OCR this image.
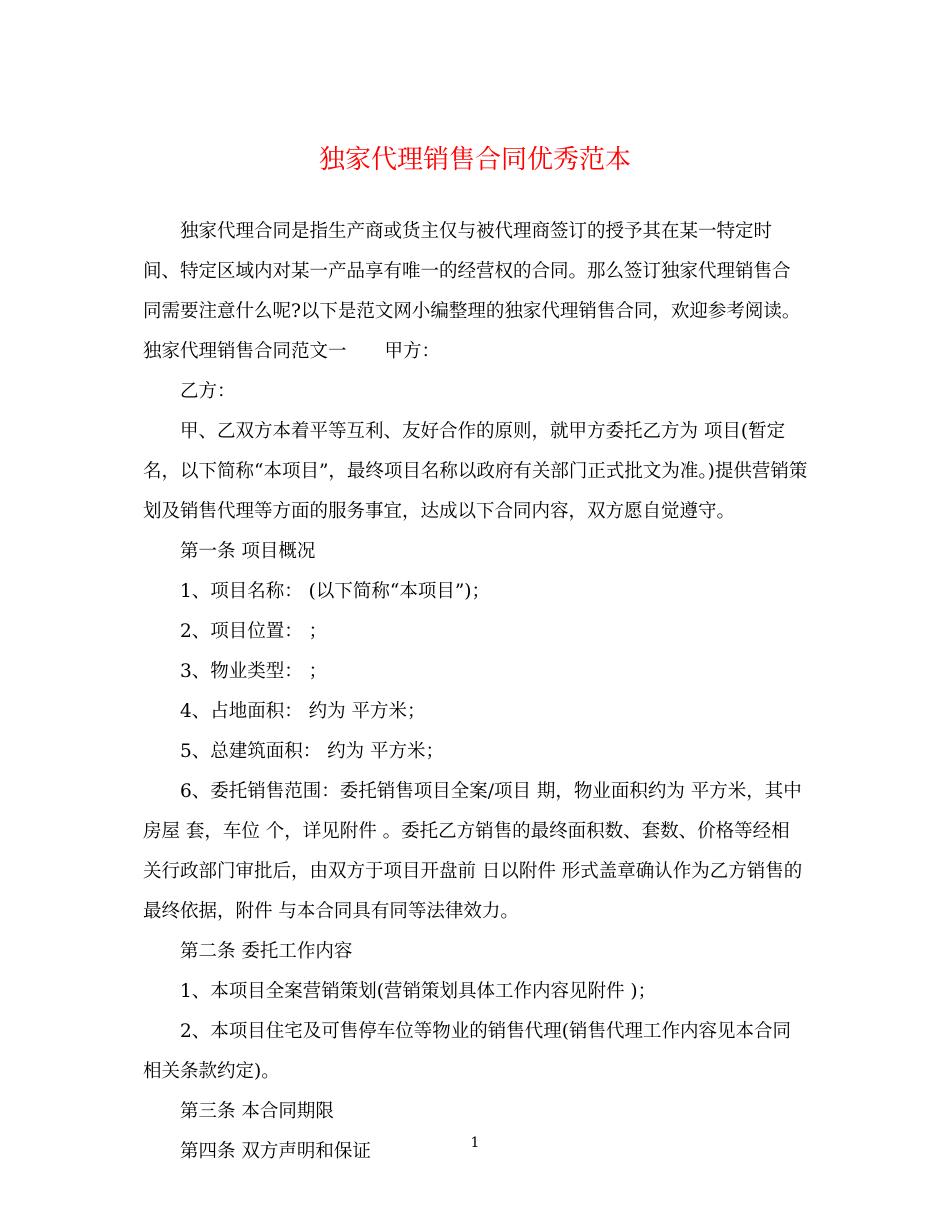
独家代理销售合同优秀范本

独家代理合同是指生产商或货主仅与被代理商签订的授予其在某一特定时间、特定区域内对某一产品享有唯一的经营权的合同。那么签订独家代理销售合同需要注意什么呢?以下是范文网小编整理的独家代理销售合同，欢迎参考阅读。

独家代理销售合同范文一 甲方：

乙方：

甲、乙双方本着平等互利、友好合作的原则，就甲方委托乙方为 项目(暂定名，以下简称“本项目”，最终项目名称以政府有关部门正式批文为准。)提供营销策划及销售代理等方面的服务事宜，达成以下合同内容，双方愿自觉遵守。

第一条 项目概况

1、项目名称： (以下简称“本项目”)；

2、项目位置： ；

3、物业类型： ；

4、占地面积： 约为 平方米；

5、总建筑面积： 约为 平方米；

6、委托销售范围：委托销售项目全案/项目 期，物业面积约为 平方米，其中房屋 套，车位 个，详见附件 。委托乙方销售的最终面积数、套数、价格等经相关行政部门审批后，由双方于项目开盘前 日以附件 形式盖章确认作为乙方销售的最终依据，附件 与本合同具有同等法律效力。

第二条 委托工作内容

1、本项目全案营销策划(营销策划具体工作内容见附件 )；

2、本项目住宅及可售停车位等物业的销售代理(销售代理工作内容见本合同相关条款约定)。

第三条 本合同期限

第四条 双方声明和保证	1
